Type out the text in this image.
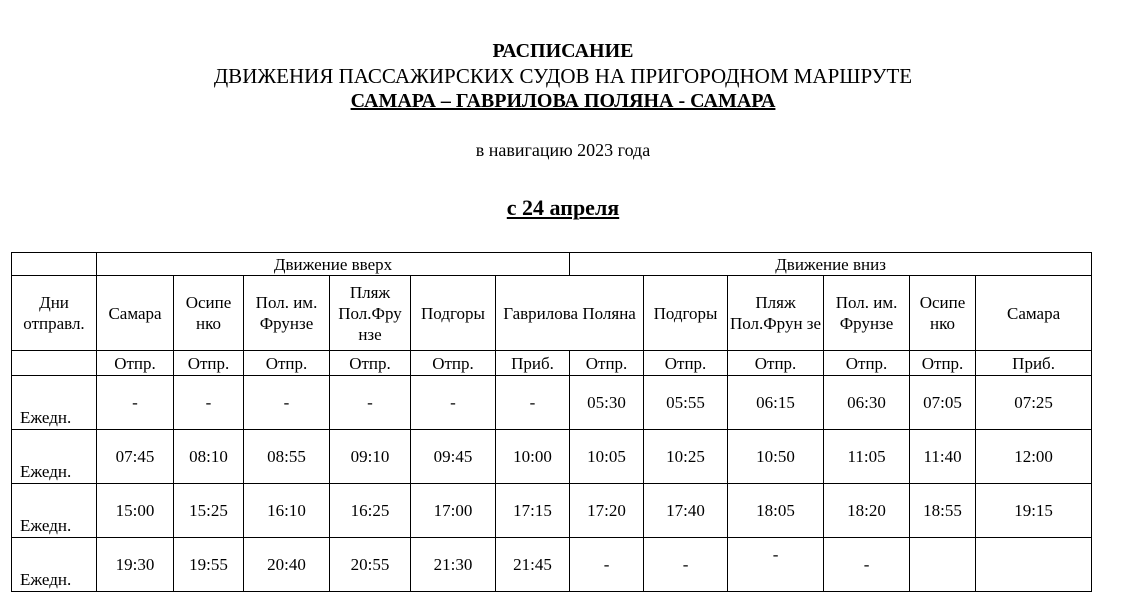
РАСПИСАНИЕ
ДВИЖЕНИЯ ПАССАЖИРСКИХ СУДОВ НА ПРИГОРОДНОМ МАРШРУТЕ
САМАРА – ГАВРИЛОВА ПОЛЯНА - САМАРА
в навигацию 2023 года
с 24 апреля
	Движение вверх						Движение вниз					
Дни отправл.	Самара	Осипе нко	Пол. им. Фрунзе	Пляж Пол.Фру нзе	Подгоры	Гаврилова Поляна		Подгоры	Пляж Пол.Фрун зе	Пол. им. Фрунзе	Осипе нко	Самара
	Отпр.	Отпр.	Отпр.	Отпр.	Отпр.	Приб.	Отпр.	Отпр.	Отпр.	Отпр.	Отпр.	Приб.
Ежедн.	-	-	-	-	-	-	05:30	05:55	06:15	06:30	07:05	07:25
Ежедн.	07:45	08:10	08:55	09:10	09:45	10:00	10:05	10:25	10:50	11:05	11:40	12:00
Ежедн.	15:00	15:25	16:10	16:25	17:00	17:15	17:20	17:40	18:05	18:20	18:55	19:15
Ежедн.	19:30	19:55	20:40	20:55	21:30	21:45	-	-	-	-		
